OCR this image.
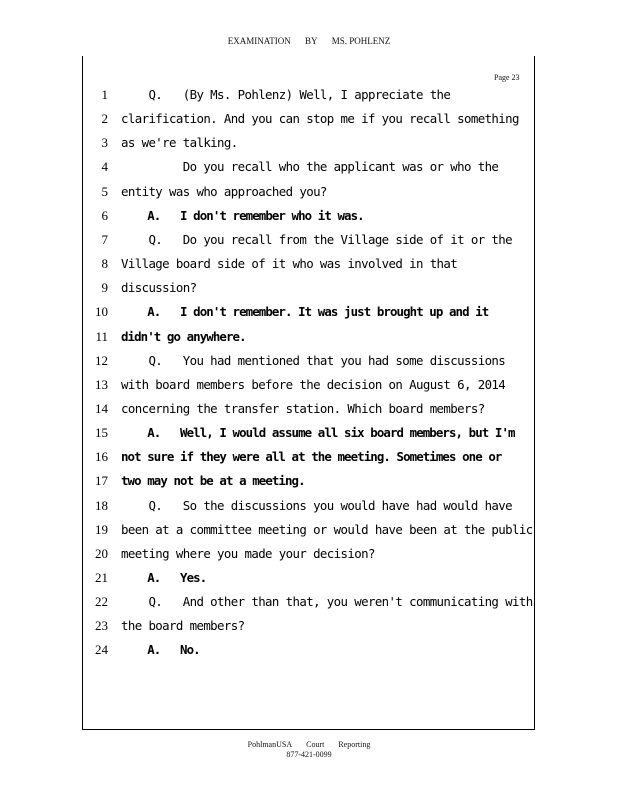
EXAMINATION BY MS. POHLENZ
Page 23
1 Q.   (By Ms. Pohlenz) Well, I appreciate the
2 clarification. And you can stop me if you recall something
3 as we're talking.
4 Do you recall who the applicant was or who the
5 entity was who approached you?
6 A.   I don't remember who it was.
7 Q.   Do you recall from the Village side of it or the
8 Village board side of it who was involved in that
9 discussion?
10 A.   I don't remember. It was just brought up and it
11 didn't go anywhere.
12 Q.   You had mentioned that you had some discussions
13 with board members before the decision on August 6, 2014
14 concerning the transfer station. Which board members?
15 A.   Well, I would assume all six board members, but I'm
16 not sure if they were all at the meeting. Sometimes one or
17 two may not be at a meeting.
18 Q.   So the discussions you would have had would have
19 been at a committee meeting or would have been at the public
20 meeting where you made your decision?
21 A.   Yes.
22 Q.   And other than that, you weren't communicating with
23 the board members?
24 A.   No.
PohlmanUSA Court Reporting
877-421-0099
